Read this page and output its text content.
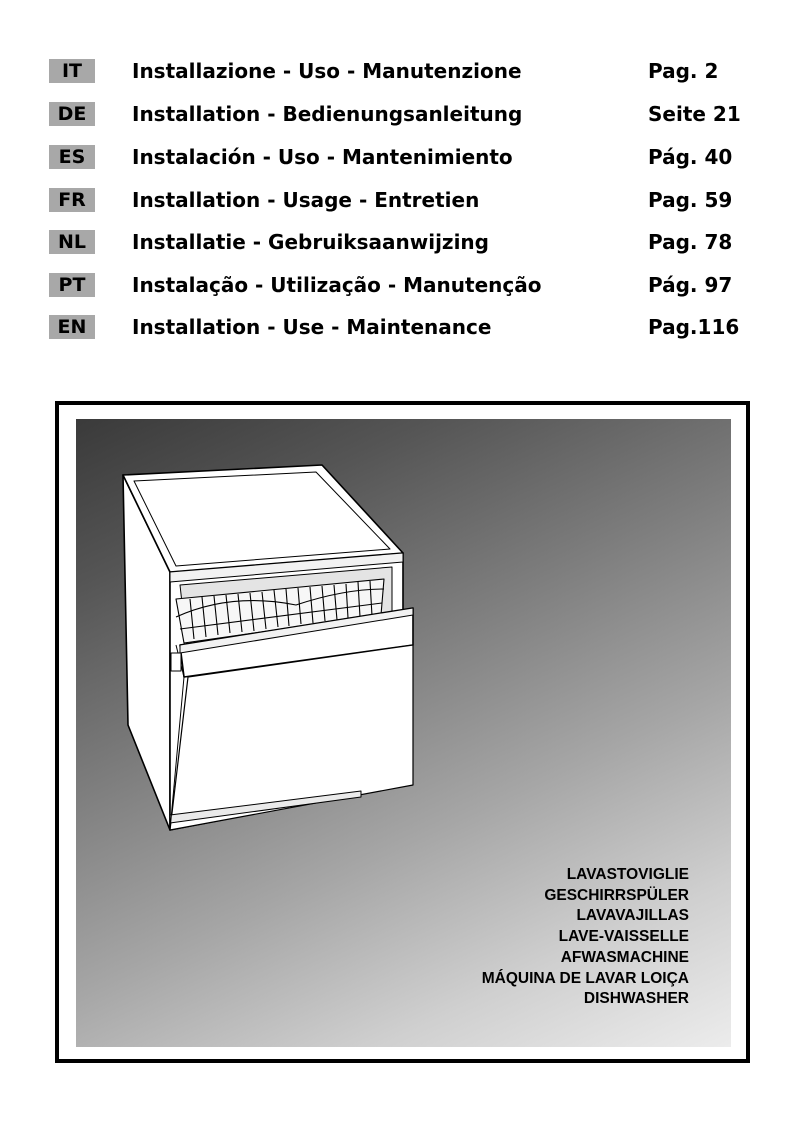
IT	Installazione - Uso - Manutenzione	Pag. 2
DE	Installation - Bedienungsanleitung	Seite 21
ES	Instalación - Uso - Mantenimiento	Pág. 40
FR	Installation - Usage - Entretien	Pag. 59
NL	Installatie - Gebruiksaanwijzing	Pag. 78
PT	Instalação - Utilização - Manutenção	Pág. 97
EN	Installation - Use - Maintenance	Pag.116
LAVASTOVIGLIE
GESCHIRRSPÜLER
LAVAVAJILLAS
LAVE-VAISSELLE
AFWASMACHINE
MÁQUINA DE LAVAR LOIÇA
DISHWASHER
